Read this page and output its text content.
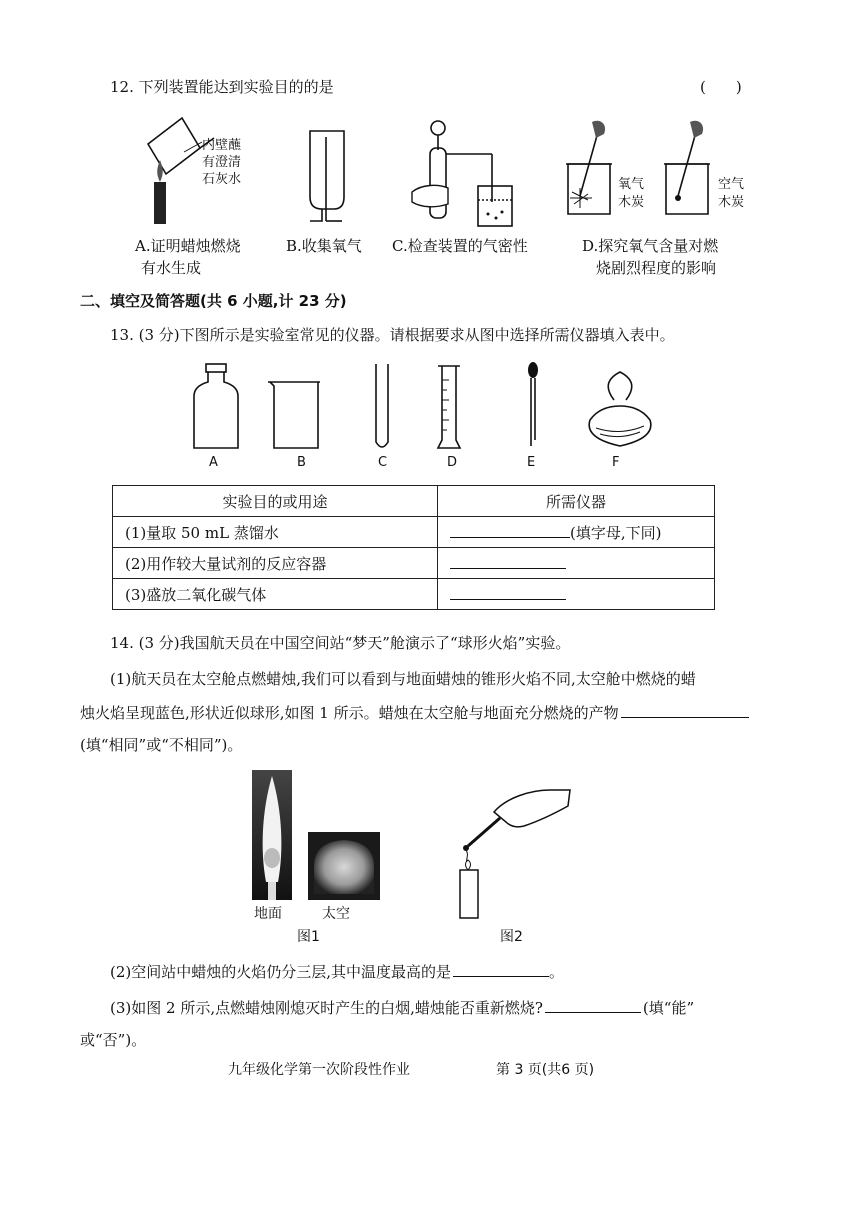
12. 下列装置能达到实验目的的是	(　　)
内壁蘸
有澄清
石灰水	氧气
木炭
空气
木炭
A.证明蜡烛燃烧
有水生成
B.收集氧气 C.检查装置的气密性	D.探究氧气含量对燃
烧剧烈程度的影响
二、填空及简答题(共 6 小题,计 23 分)
13. (3 分)下图所示是实验室常见的仪器。请根据要求从图中选择所需仪器填入表中。
A	B	C	D	E	F
实验目的或用途	所需仪器
(1)量取 50 mL 蒸馏水	(填字母,下同)
(2)用作较大量试剂的反应容器	
(3)盛放二氧化碳气体	
14. (3 分)我国航天员在中国空间站“梦天”舱演示了“球形火焰”实验。
(1)航天员在太空舱点燃蜡烛,我们可以看到与地面蜡烛的锥形火焰不同,太空舱中燃烧的蜡
烛火焰呈现蓝色,形状近似球形,如图 1 所示。蜡烛在太空舱与地面充分燃烧的产物
(填“相同”或“不相同”)。
地面	太空
图1	图2
(2)空间站中蜡烛的火焰仍分三层,其中温度最高的是	。
(3)如图 2 所示,点燃蜡烛刚熄灭时产生的白烟,蜡烛能否重新燃烧?	(填“能”
或“否”)。
九年级化学第一次阶段性作业	第 3 页(共6 页)
